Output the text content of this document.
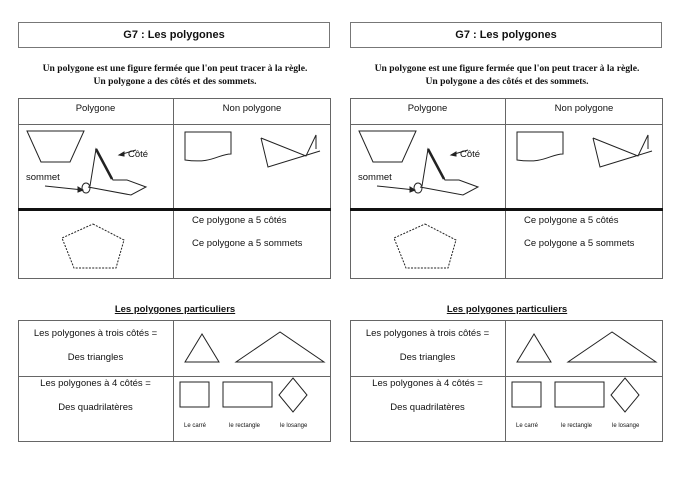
G7 : Les polygones
Un polygone est une figure fermée que l'on peut tracer à la règle.
Un polygone a des côtés et des sommets.
Polygone	Non polygone
Côté
sommet
Ce polygone a 5 côtés
Ce polygone a 5 sommets
Les polygones particuliers
Les polygones à trois côtés =
Des triangles
Les polygones à 4 côtés =
Des quadrilatères
Le carré	le rectangle	le losange
G7 : Les polygones
Un polygone est une figure fermée que l'on peut tracer à la règle.
Un polygone a des côtés et des sommets.
Polygone	Non polygone
Côté
sommet
Ce polygone a 5 côtés
Ce polygone a 5 sommets
Les polygones particuliers
Les polygones à trois côtés =
Des triangles
Les polygones à 4 côtés =
Des quadrilatères
Le carré	le rectangle	le losange
